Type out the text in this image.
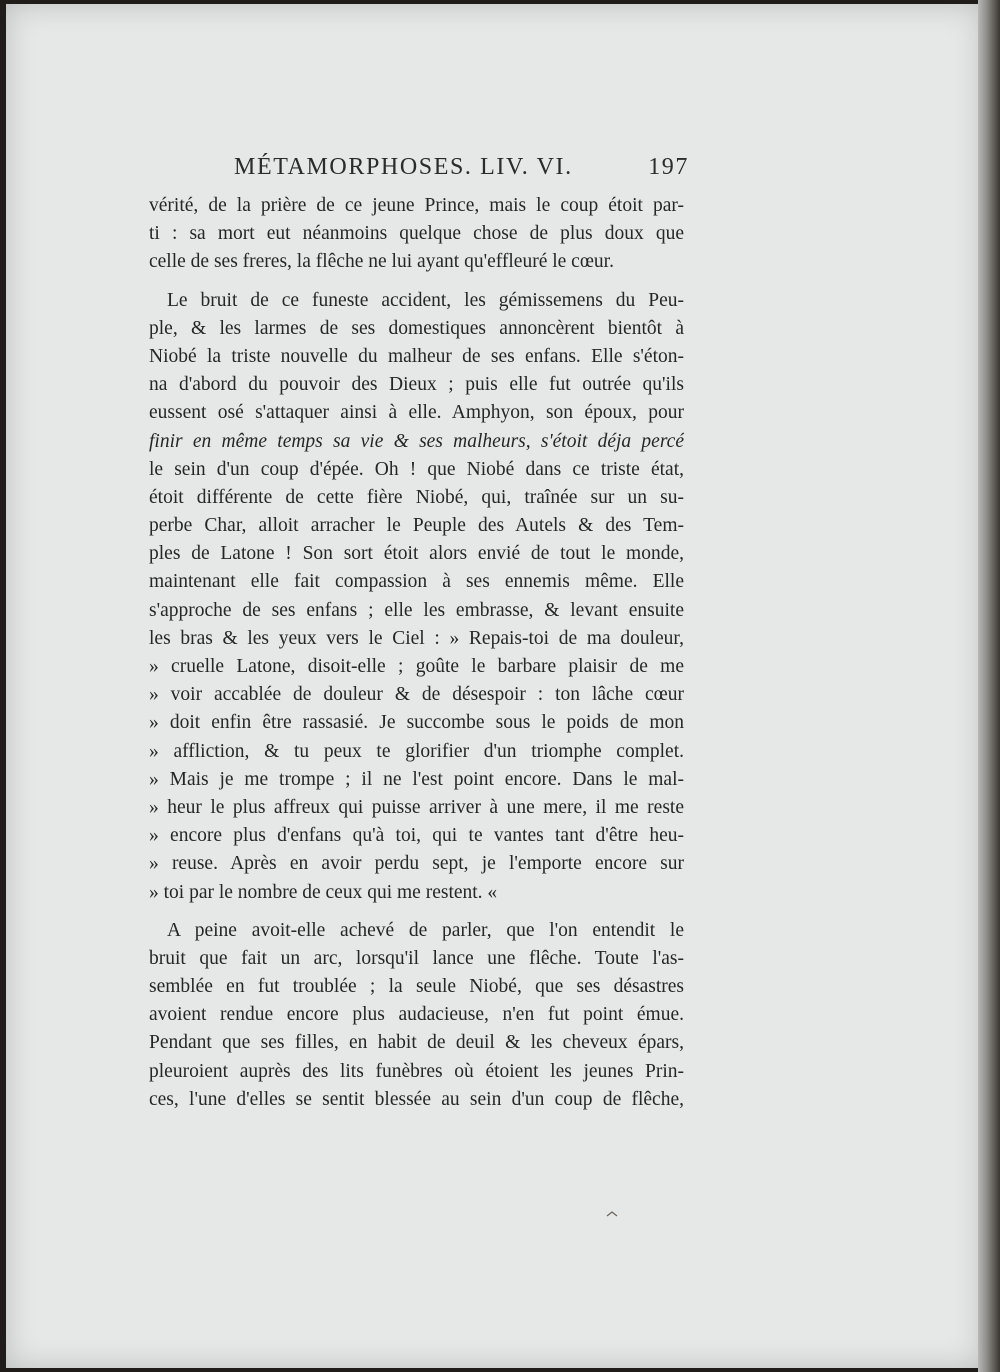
MÉTAMORPHOSES. LIV. VI.	197
vérité, de la prière de ce jeune Prince, mais le coup étoit par-
ti : sa mort eut néanmoins quelque chose de plus doux que
celle de ses freres, la flêche ne lui ayant qu'effleuré le cœur.
Le bruit de ce funeste accident, les gémissemens du Peu-
ple, & les larmes de ses domestiques annoncèrent bientôt à
Niobé la triste nouvelle du malheur de ses enfans. Elle s'éton-
na d'abord du pouvoir des Dieux ; puis elle fut outrée qu'ils
eussent osé s'attaquer ainsi à elle. Amphyon, son époux, pour
finir en même temps sa vie & ses malheurs, s'étoit déja percé
le sein d'un coup d'épée. Oh ! que Niobé dans ce triste état,
étoit différente de cette fière Niobé, qui, traînée sur un su-
perbe Char, alloit arracher le Peuple des Autels & des Tem-
ples de Latone ! Son sort étoit alors envié de tout le monde,
maintenant elle fait compassion à ses ennemis même. Elle
s'approche de ses enfans ; elle les embrasse, & levant ensuite
les bras & les yeux vers le Ciel : » Repais-toi de ma douleur,
» cruelle Latone, disoit-elle ; goûte le barbare plaisir de me
» voir accablée de douleur & de désespoir : ton lâche cœur
» doit enfin être rassasié. Je succombe sous le poids de mon
» affliction, & tu peux te glorifier d'un triomphe complet.
» Mais je me trompe ; il ne l'est point encore. Dans le mal-
» heur le plus affreux qui puisse arriver à une mere, il me reste
» encore plus d'enfans qu'à toi, qui te vantes tant d'être heu-
» reuse. Après en avoir perdu sept, je l'emporte encore sur
» toi par le nombre de ceux qui me restent. «
A peine avoit-elle achevé de parler, que l'on entendit le
bruit que fait un arc, lorsqu'il lance une flêche. Toute l'as-
semblée en fut troublée ; la seule Niobé, que ses désastres
avoient rendue encore plus audacieuse, n'en fut point émue.
Pendant que ses filles, en habit de deuil & les cheveux épars,
pleuroient auprès des lits funèbres où étoient les jeunes Prin-
ces, l'une d'elles se sentit blessée au sein d'un coup de flêche,
